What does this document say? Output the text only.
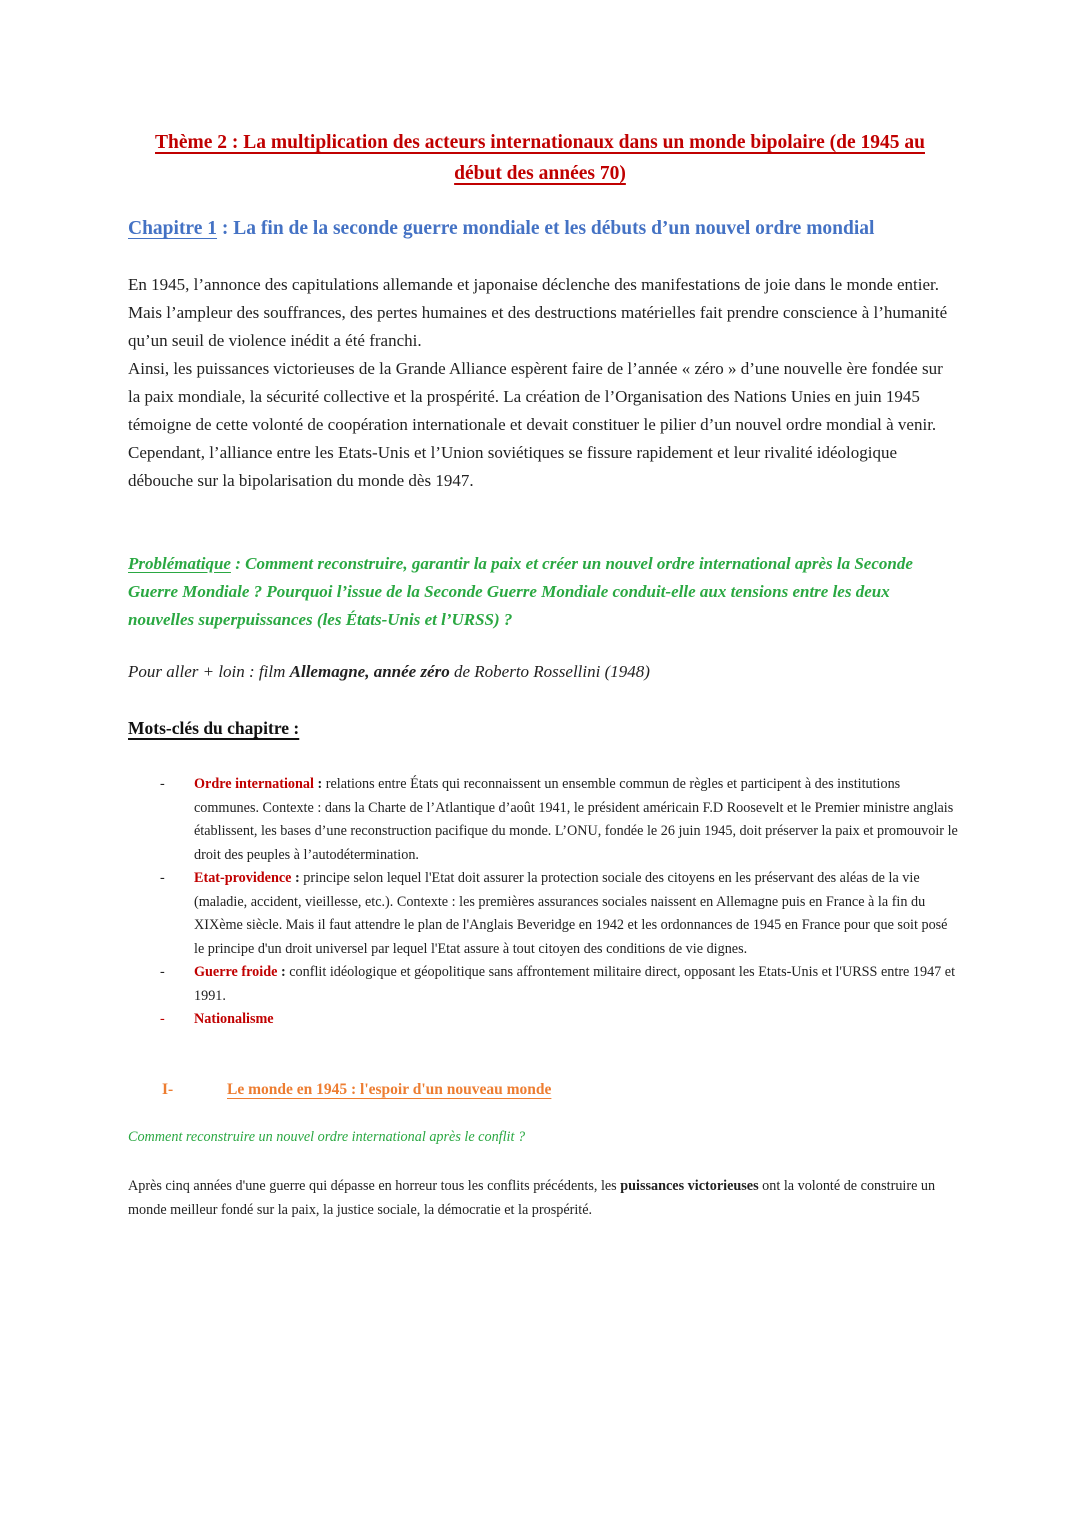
Thème 2 : La multiplication des acteurs internationaux dans un monde bipolaire (de 1945 au
début des années 70)
Chapitre 1 : La fin de la seconde guerre mondiale et les débuts d’un nouvel ordre mondial

En 1945, l’annonce des capitulations allemande et japonaise déclenche des manifestations de joie dans le monde entier. Mais l’ampleur des souffrances, des pertes humaines et des destructions matérielles fait prendre conscience à l’humanité qu’un seuil de violence inédit a été franchi.

Ainsi, les puissances victorieuses de la Grande Alliance espèrent faire de l’année « zéro » d’une nouvelle ère fondée sur la paix mondiale, la sécurité collective et la prospérité. La création de l’Organisation des Nations Unies en juin 1945 témoigne de cette volonté de coopération internationale et devait constituer le pilier d’un nouvel ordre mondial à venir.

Cependant, l’alliance entre les Etats-Unis et l’Union soviétiques se fissure rapidement et leur rivalité idéologique débouche sur la bipolarisation du monde dès 1947.

Problématique : Comment reconstruire, garantir la paix et créer un nouvel ordre international après la Seconde Guerre Mondiale ? Pourquoi l’issue de la Seconde Guerre Mondiale conduit-elle aux tensions entre les deux nouvelles superpuissances (les États-Unis et l’URSS) ?
Pour aller + loin : film Allemagne, année zéro de Roberto Rossellini (1948)
Mots-clés du chapitre :

- Ordre international : relations entre États qui reconnaissent un ensemble commun de règles et participent à des institutions communes. Contexte : dans la Charte de l’Atlantique d’août 1941, le président américain F.D Roosevelt et le Premier ministre anglais établissent, les bases d’une reconstruction pacifique du monde. L’ONU, fondée le 26 juin 1945, doit préserver la paix et promouvoir le droit des peuples à l’autodétermination.

- Etat-providence : principe selon lequel l'Etat doit assurer la protection sociale des citoyens en les préservant des aléas de la vie (maladie, accident, vieillesse, etc.). Contexte : les premières assurances sociales naissent en Allemagne puis en France à la fin du XIXème siècle. Mais il faut attendre le plan de l'Anglais Beveridge en 1942 et les ordonnances de 1945 en France pour que soit posé le principe d'un droit universel par lequel l'Etat assure à tout citoyen des conditions de vie dignes.

- Guerre froide : conflit idéologique et géopolitique sans affrontement militaire direct, opposant les Etats-Unis et l'URSS entre 1947 et 1991.

- Nationalisme

I-	Le monde en 1945 : l'espoir d'un nouveau monde
Comment reconstruire un nouvel ordre international après le conflit ?
Après cinq années d'une guerre qui dépasse en horreur tous les conflits précédents, les puissances victorieuses ont la volonté de construire un monde meilleur fondé sur la paix, la justice sociale, la démocratie et la prospérité.
